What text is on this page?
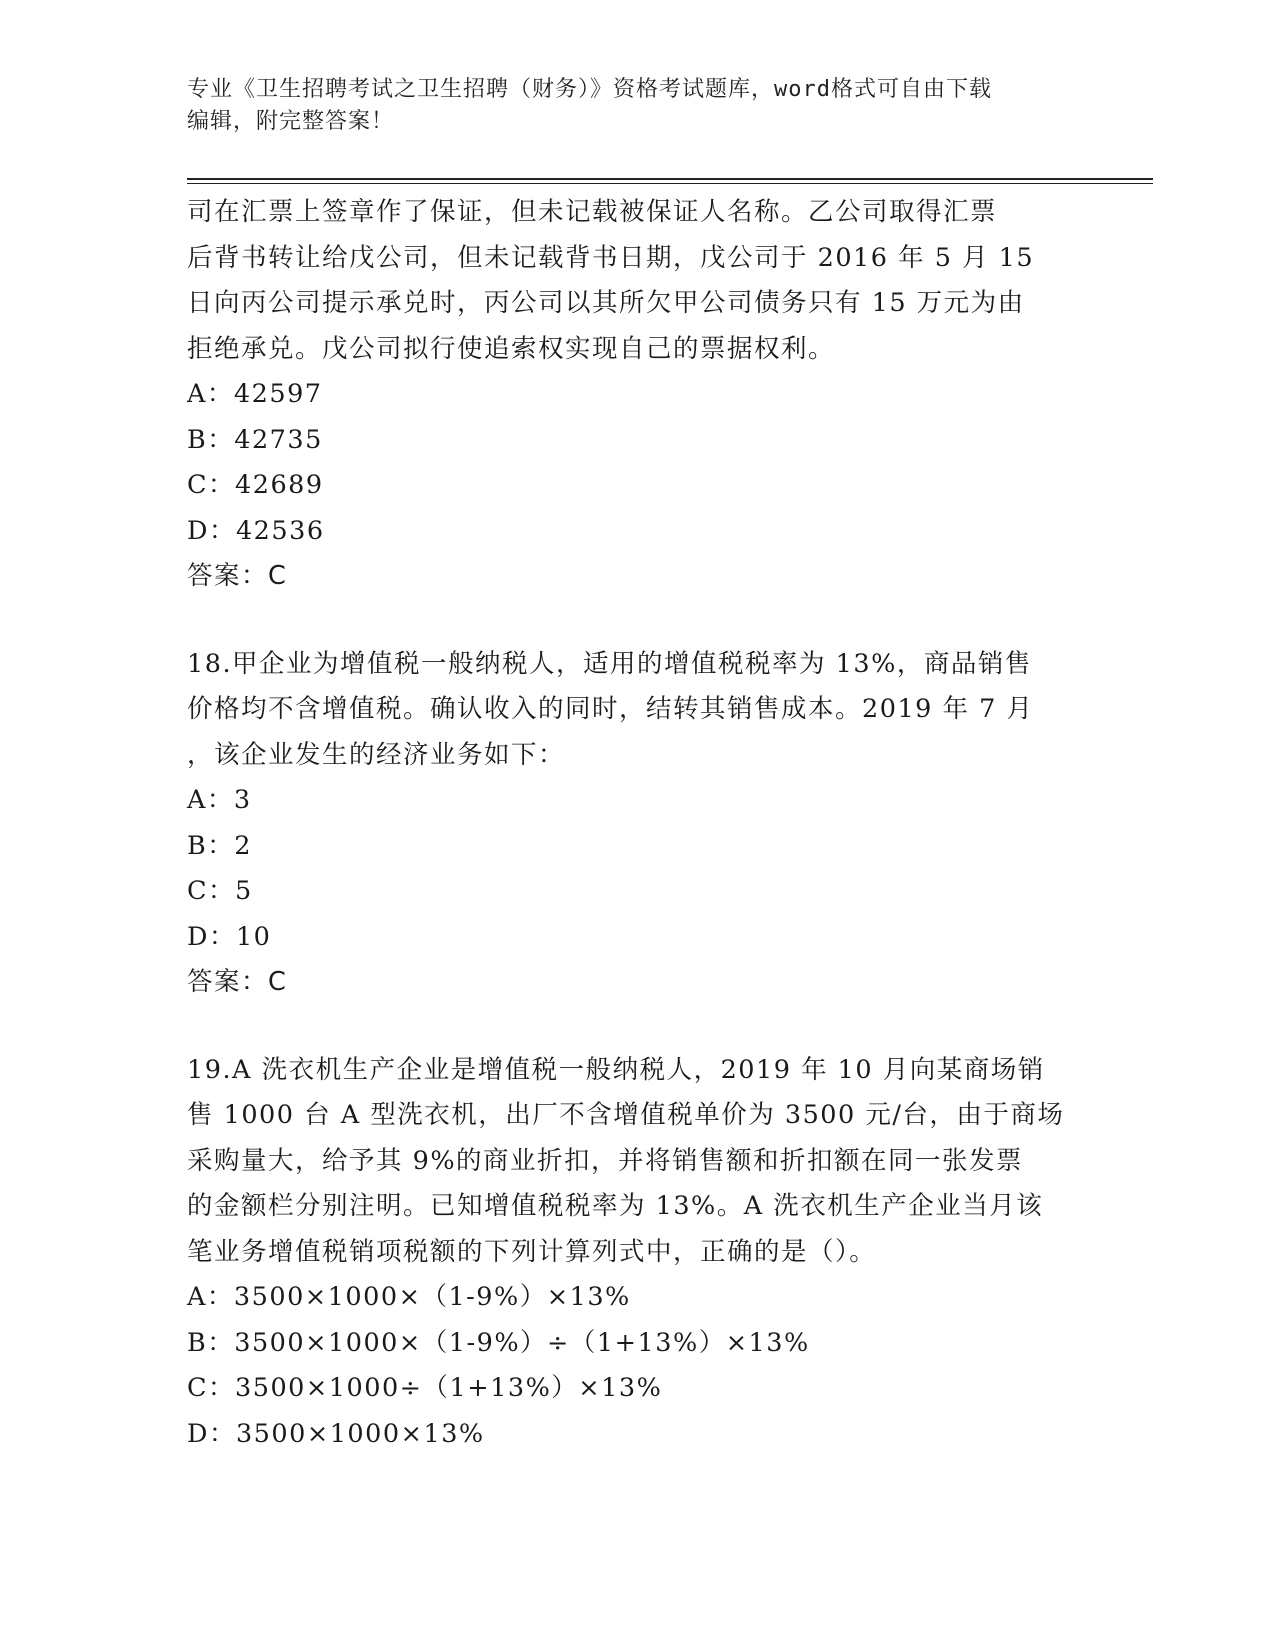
专业《卫生招聘考试之卫生招聘（财务）》资格考试题库，word格式可自由下载
编辑，附完整答案！

司在汇票上签章作了保证，但未记载被保证人名称。乙公司取得汇票

后背书转让给戊公司，但未记载背书日期，戊公司于 2016 年 5 月 15

日向丙公司提示承兑时，丙公司以其所欠甲公司债务只有 15 万元为由

拒绝承兑。戊公司拟行使追索权实现自己的票据权利。

A：42597

B：42735

C：42689

D：42536

答案：C

18.甲企业为增值税一般纳税人，适用的增值税税率为 13%，商品销售

价格均不含增值税。确认收入的同时，结转其销售成本。2019 年 7 月

，该企业发生的经济业务如下：

A：3

B：2

C：5

D：10

答案：C

19.A 洗衣机生产企业是增值税一般纳税人，2019 年 10 月向某商场销

售 1000 台 A 型洗衣机，出厂不含增值税单价为 3500 元/台，由于商场

采购量大，给予其 9%的商业折扣，并将销售额和折扣额在同一张发票

的金额栏分别注明。已知增值税税率为 13%。A 洗衣机生产企业当月该

笔业务增值税销项税额的下列计算列式中，正确的是（）。

A：3500×1000×（1-9%）×13%

B：3500×1000×（1-9%）÷（1+13%）×13%

C：3500×1000÷（1+13%）×13%

D：3500×1000×13%
